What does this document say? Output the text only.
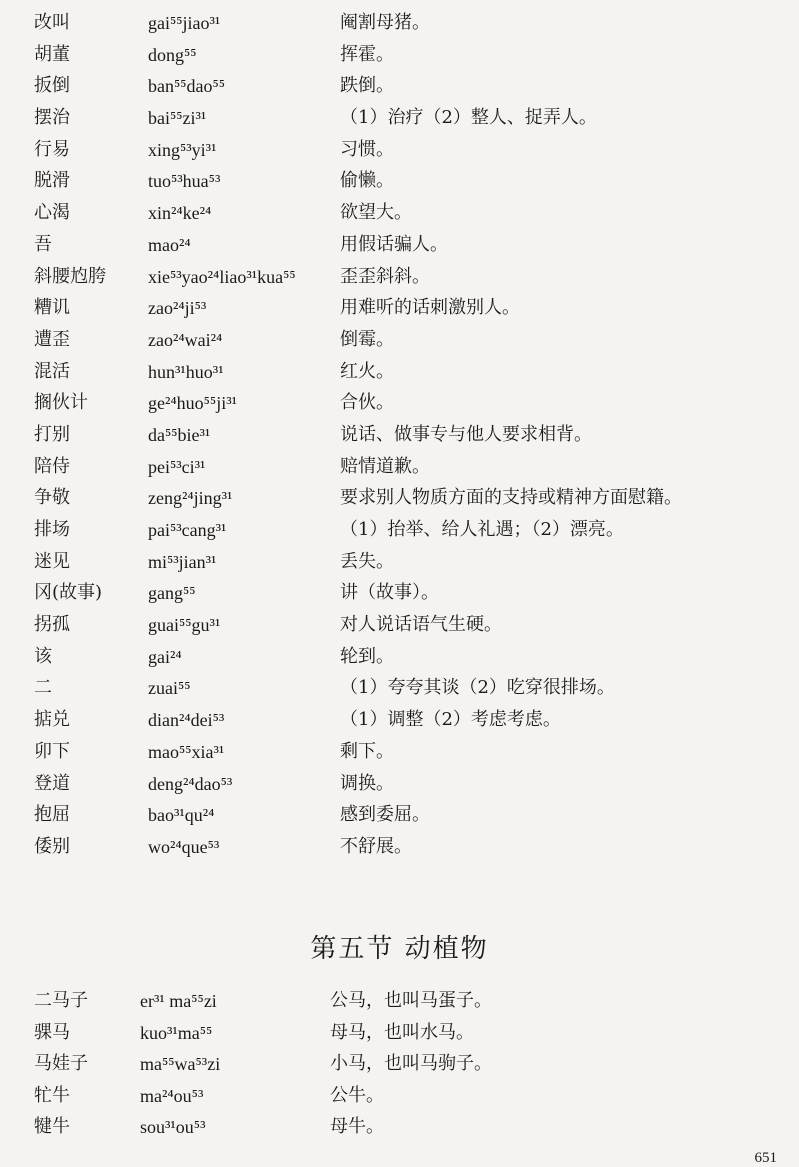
改叫	gai⁵⁵jiao³¹	阉割母猪。
胡董	dong⁵⁵	挥霍。
扳倒	ban⁵⁵dao⁵⁵	跌倒。
摆治	bai⁵⁵zi³¹	（1）治疗（2）整人、捉弄人。
行易	xing⁵³yi³¹	习惯。
脱滑	tuo⁵³hua⁵³	偷懒。
心渴	xin²⁴ke²⁴	欲望大。
吾	mao²⁴	用假话骗人。
斜腰尥胯 xie⁵³yao²⁴liao³¹kua⁵⁵ 歪歪斜斜。
糟讥	zao²⁴ji⁵³	用难听的话刺激别人。
遭歪	zao²⁴wai²⁴	倒霉。
混活	hun³¹huo³¹	红火。
搁伙计	ge²⁴huo⁵⁵ji³¹	合伙。
打别	da⁵⁵bie³¹	说话、做事专与他人要求相背。
陪侍	pei⁵³ci³¹	赔情道歉。
争敬	zeng²⁴jing³¹	要求别人物质方面的支持或精神方面慰籍。
排场	pai⁵³cang³¹	（1）抬举、给人礼遇；（2）漂亮。
迷见	mi⁵³jian³¹	丢失。
冈(故事)	gang⁵⁵	讲（故事）。
拐孤	guai⁵⁵gu³¹	对人说话语气生硬。
该	gai²⁴	轮到。
二	zuai⁵⁵	（1）夸夸其谈（2）吃穿很排场。
掂兑	dian²⁴dei⁵³	（1）调整（2）考虑考虑。
卯下	mao⁵⁵xia³¹	剩下。
登道	deng²⁴dao⁵³	调换。
抱屈	bao³¹qu²⁴	感到委屈。
倭别	wo²⁴que⁵³	不舒展。
第五节 动植物
二马子	er³¹ ma⁵⁵zi	公马，也叫马蛋子。
骒马	kuo³¹ma⁵⁵	母马，也叫水马。
马娃子	ma⁵⁵wa⁵³zi	小马，也叫马驹子。
牤牛	ma²⁴ou⁵³	公牛。
犍牛	sou³¹ou⁵³	母牛。
651
